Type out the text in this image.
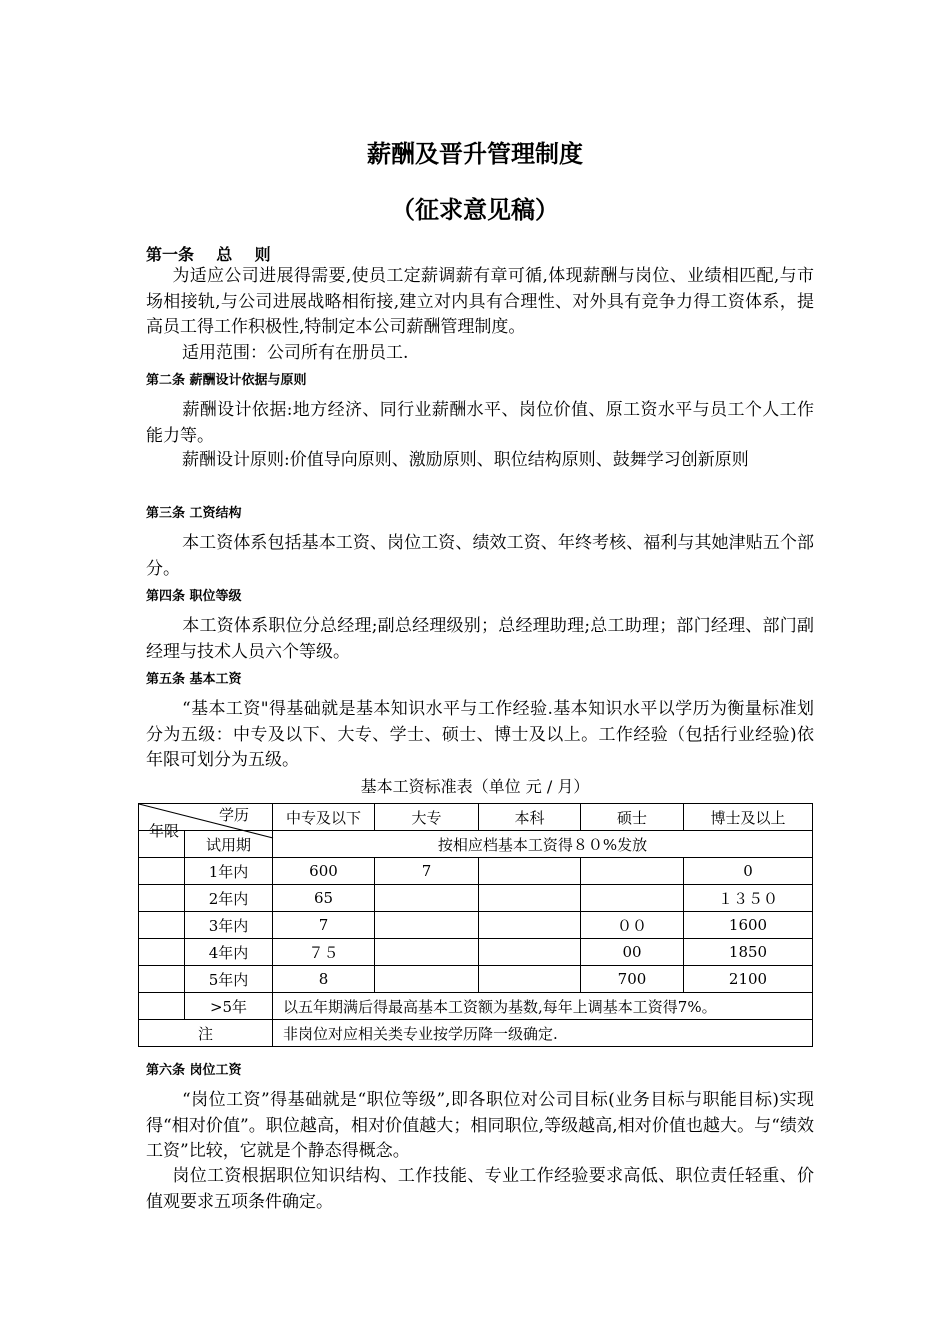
薪酬及晋升管理制度
（征求意见稿）
第一条    总    则
为适应公司进展得需要,使员工定薪调薪有章可循,体现薪酬与岗位、业绩相匹配,与市场相接轨,与公司进展战略相衔接,建立对内具有合理性、对外具有竞争力得工资体系，提高员工得工作积极性,特制定本公司薪酬管理制度。
适用范围：公司所有在册员工.
第二条 薪酬设计依据与原则
薪酬设计依据:地方经济、同行业薪酬水平、岗位价值、原工资水平与员工个人工作能力等。
薪酬设计原则:价值导向原则、激励原则、职位结构原则、鼓舞学习创新原则
第三条 工资结构
本工资体系包括基本工资、岗位工资、绩效工资、年终考核、福利与其她津贴五个部分。
第四条 职位等级
本工资体系职位分总经理;副总经理级别；总经理助理;总工助理；部门经理、部门副经理与技术人员六个等级。
第五条 基本工资
“基本工资"得基础就是基本知识水平与工作经验.基本知识水平以学历为衡量标准划分为五级：中专及以下、大专、学士、硕士、博士及以上。工作经验（包括行业经验)依年限可划分为五级。
基本工资标准表（单位 元 / 月）
学历
年限		中专及以下	大专	本科	硕士	博士及以上
	试用期	按相应档基本工资得８０%发放				
	1年内	600	7			0
	2年内	65				１３５０
	3年内	7			００	1600
	4年内	７５			00	1850
	5年内	8			700	2100
	>5年	以五年期满后得最高基本工资额为基数,每年上调基本工资得7%。				
注		非岗位对应相关类专业按学历降一级确定.				
第六条 岗位工资
“岗位工资”得基础就是“职位等级”,即各职位对公司目标(业务目标与职能目标)实现得“相对价值”。职位越高，相对价值越大；相同职位,等级越高,相对价值也越大。与“绩效工资”比较，它就是个静态得概念。
岗位工资根据职位知识结构、工作技能、专业工作经验要求高低、职位责任轻重、价值观要求五项条件确定。
